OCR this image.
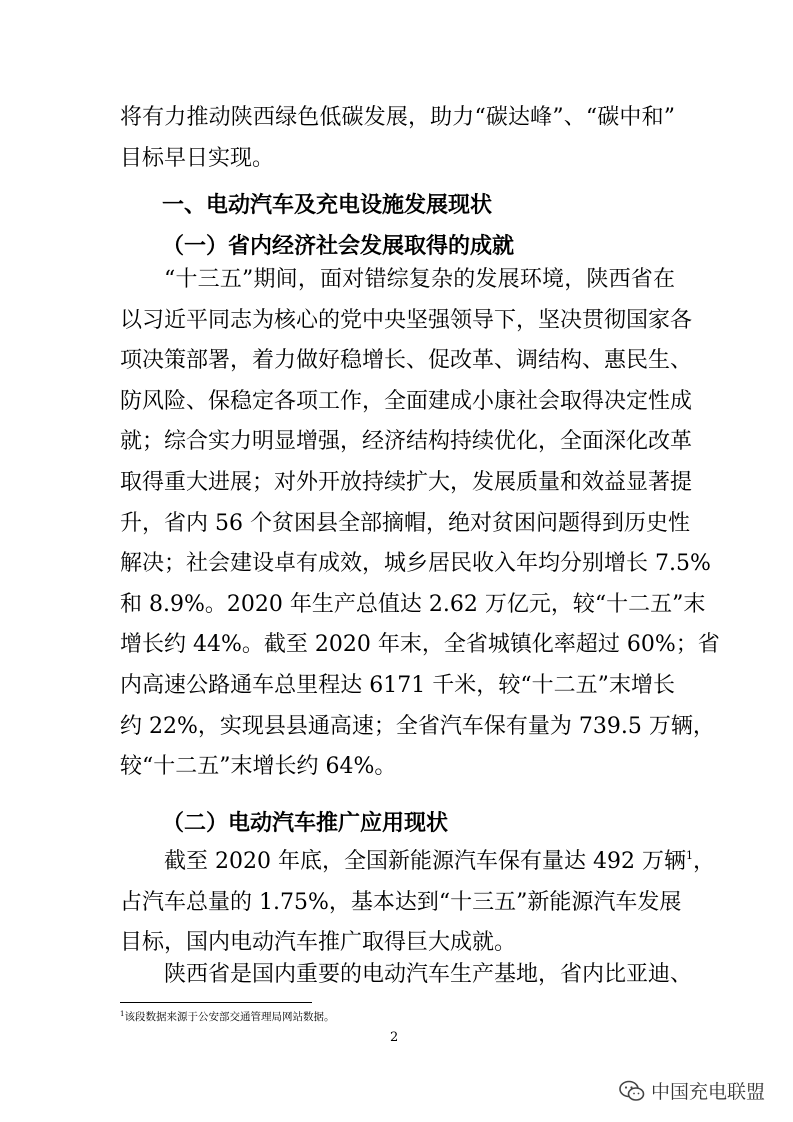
将有力推动陕西绿色低碳发展，助力“碳达峰”、“碳中和”
目标早日实现。
一、电动汽车及充电设施发展现状
（一）省内经济社会发展取得的成就
“十三五”期间，面对错综复杂的发展环境，陕西省在
以习近平同志为核心的党中央坚强领导下，坚决贯彻国家各
项决策部署，着力做好稳增长、促改革、调结构、惠民生、
防风险、保稳定各项工作，全面建成小康社会取得决定性成
就；综合实力明显增强，经济结构持续优化，全面深化改革
取得重大进展；对外开放持续扩大，发展质量和效益显著提
升，省内 56 个贫困县全部摘帽，绝对贫困问题得到历史性
解决；社会建设卓有成效，城乡居民收入年均分别增长 7.5%
和 8.9%。2020 年生产总值达 2.62 万亿元，较“十二五”末
增长约 44%。截至 2020 年末，全省城镇化率超过 60%；省
内高速公路通车总里程达 6171 千米，较“十二五”末增长
约 22%，实现县县通高速；全省汽车保有量为 739.5 万辆，
较“十二五”末增长约 64%。
（二）电动汽车推广应用现状
截至 2020 年底，全国新能源汽车保有量达 492 万辆$^1$，
占汽车总量的 1.75%，基本达到“十三五”新能源汽车发展
目标，国内电动汽车推广取得巨大成就。
陕西省是国内重要的电动汽车生产基地，省内比亚迪、
$^1$该段数据来源于公安部交通管理局网站数据。
2
中国充电联盟
